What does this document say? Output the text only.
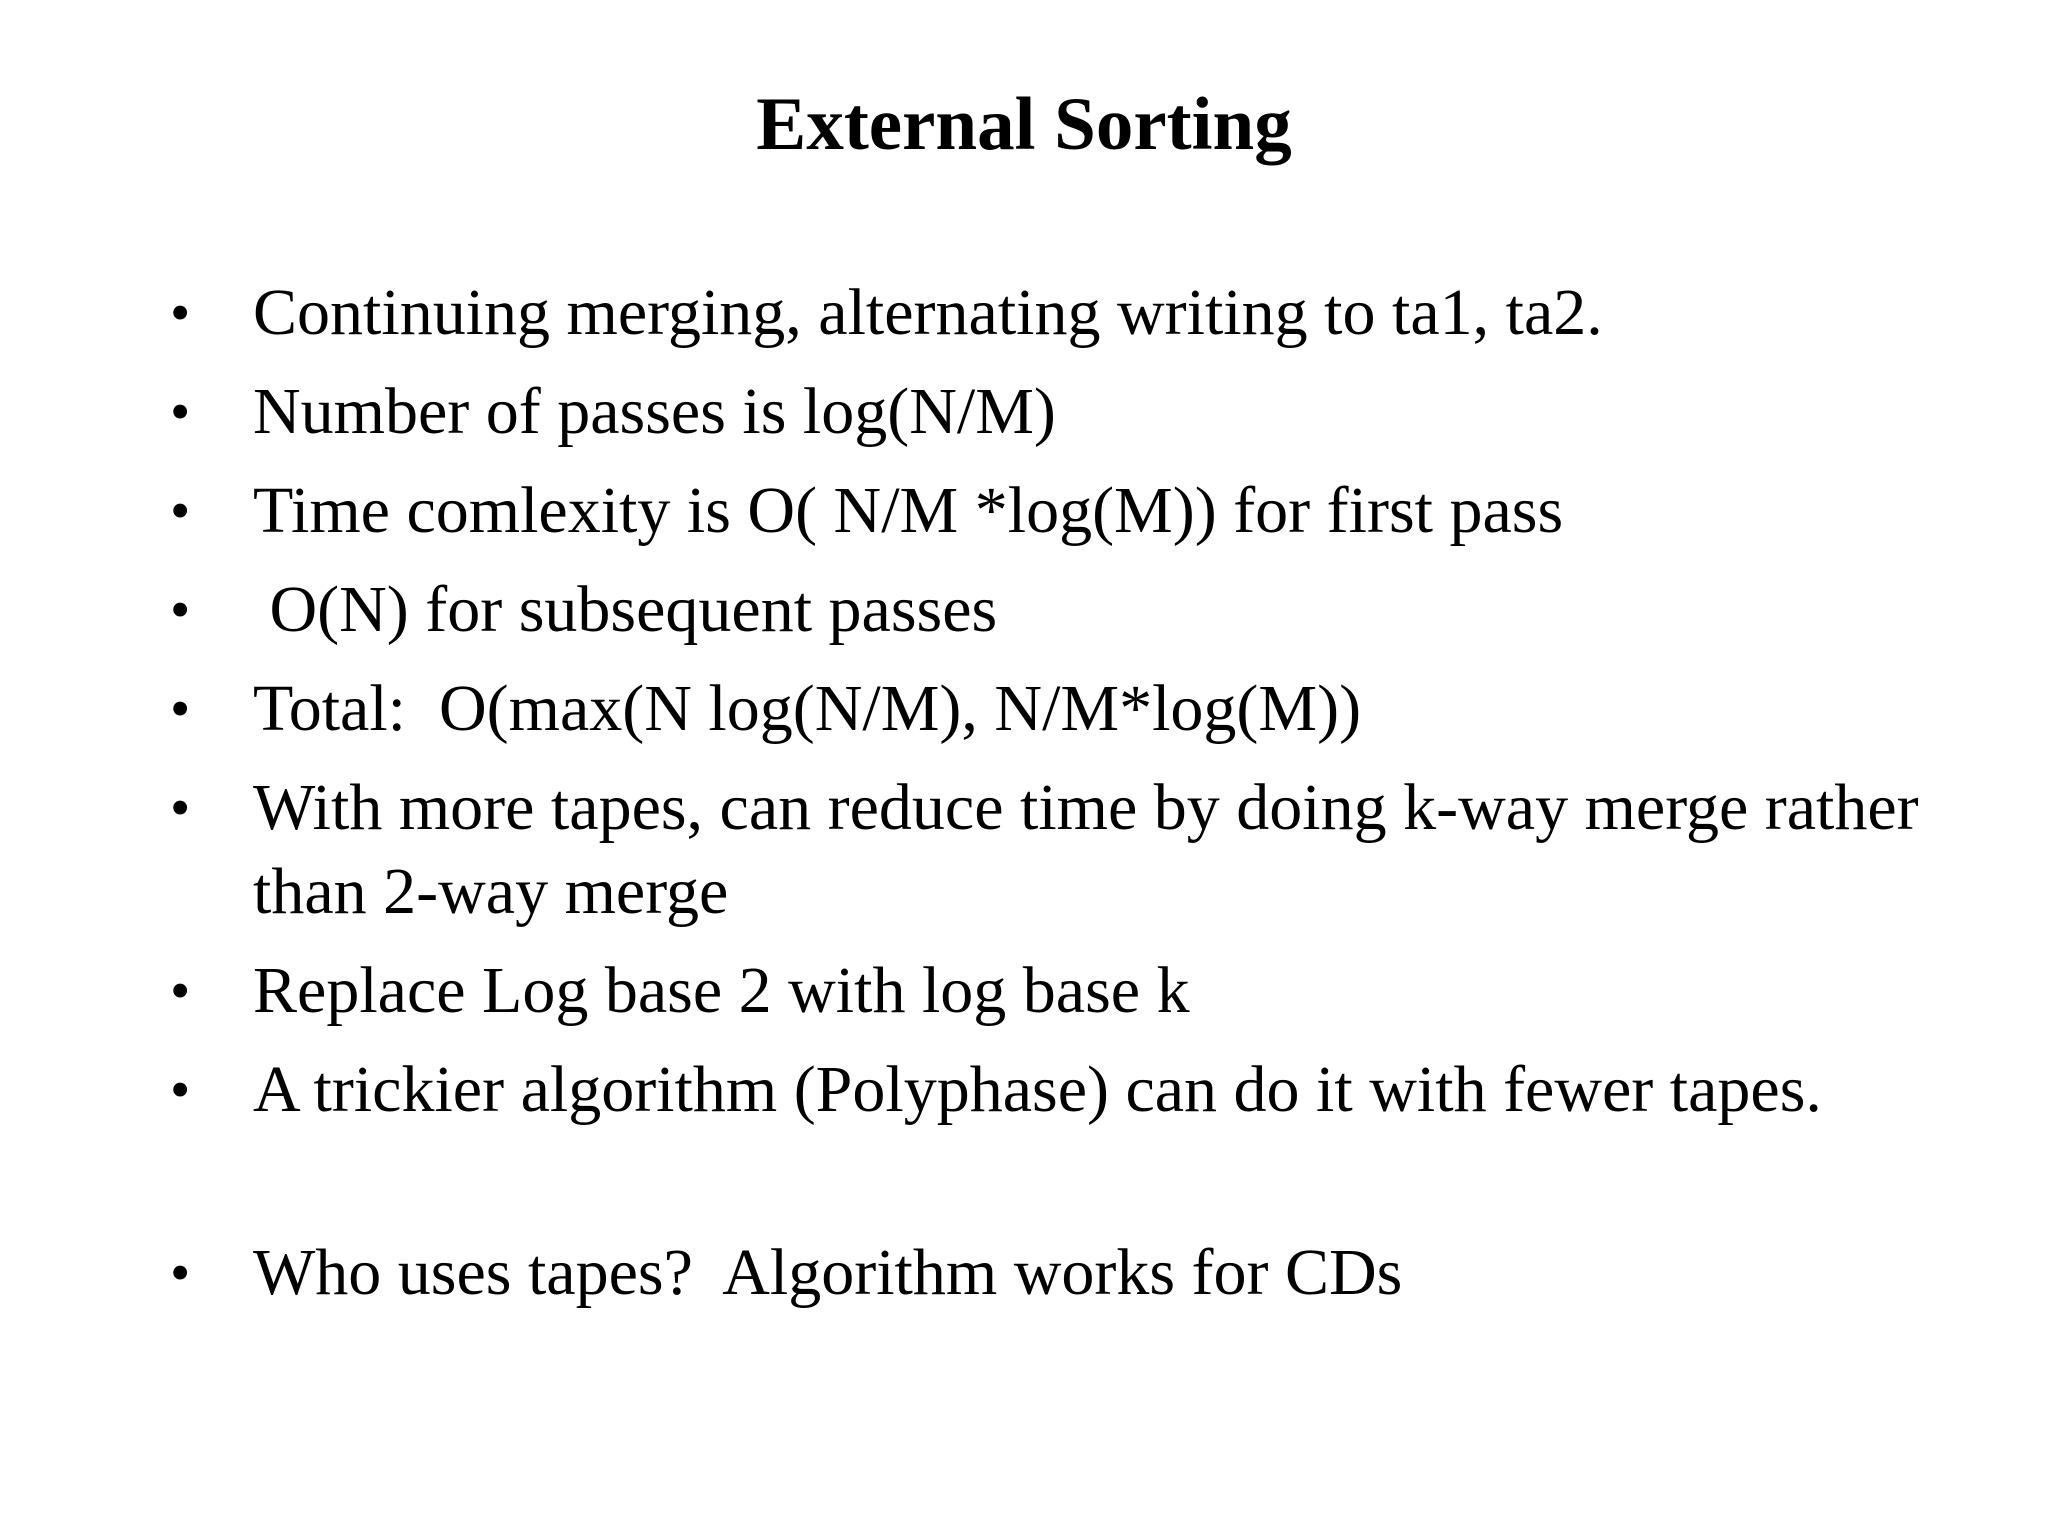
External Sorting
• Continuing merging, alternating writing to ta1, ta2.
• Number of passes is log(N/M)
• Time comlexity is O( N/M *log(M)) for first pass
• O(N) for subsequent passes
• Total:  O(max(N log(N/M), N/M*log(M))
• With more tapes, can reduce time by doing k-way merge rather than 2-way merge
• Replace Log base 2 with log base k
• A trickier algorithm (Polyphase) can do it with fewer tapes.
• Who uses tapes?  Algorithm works for CDs
